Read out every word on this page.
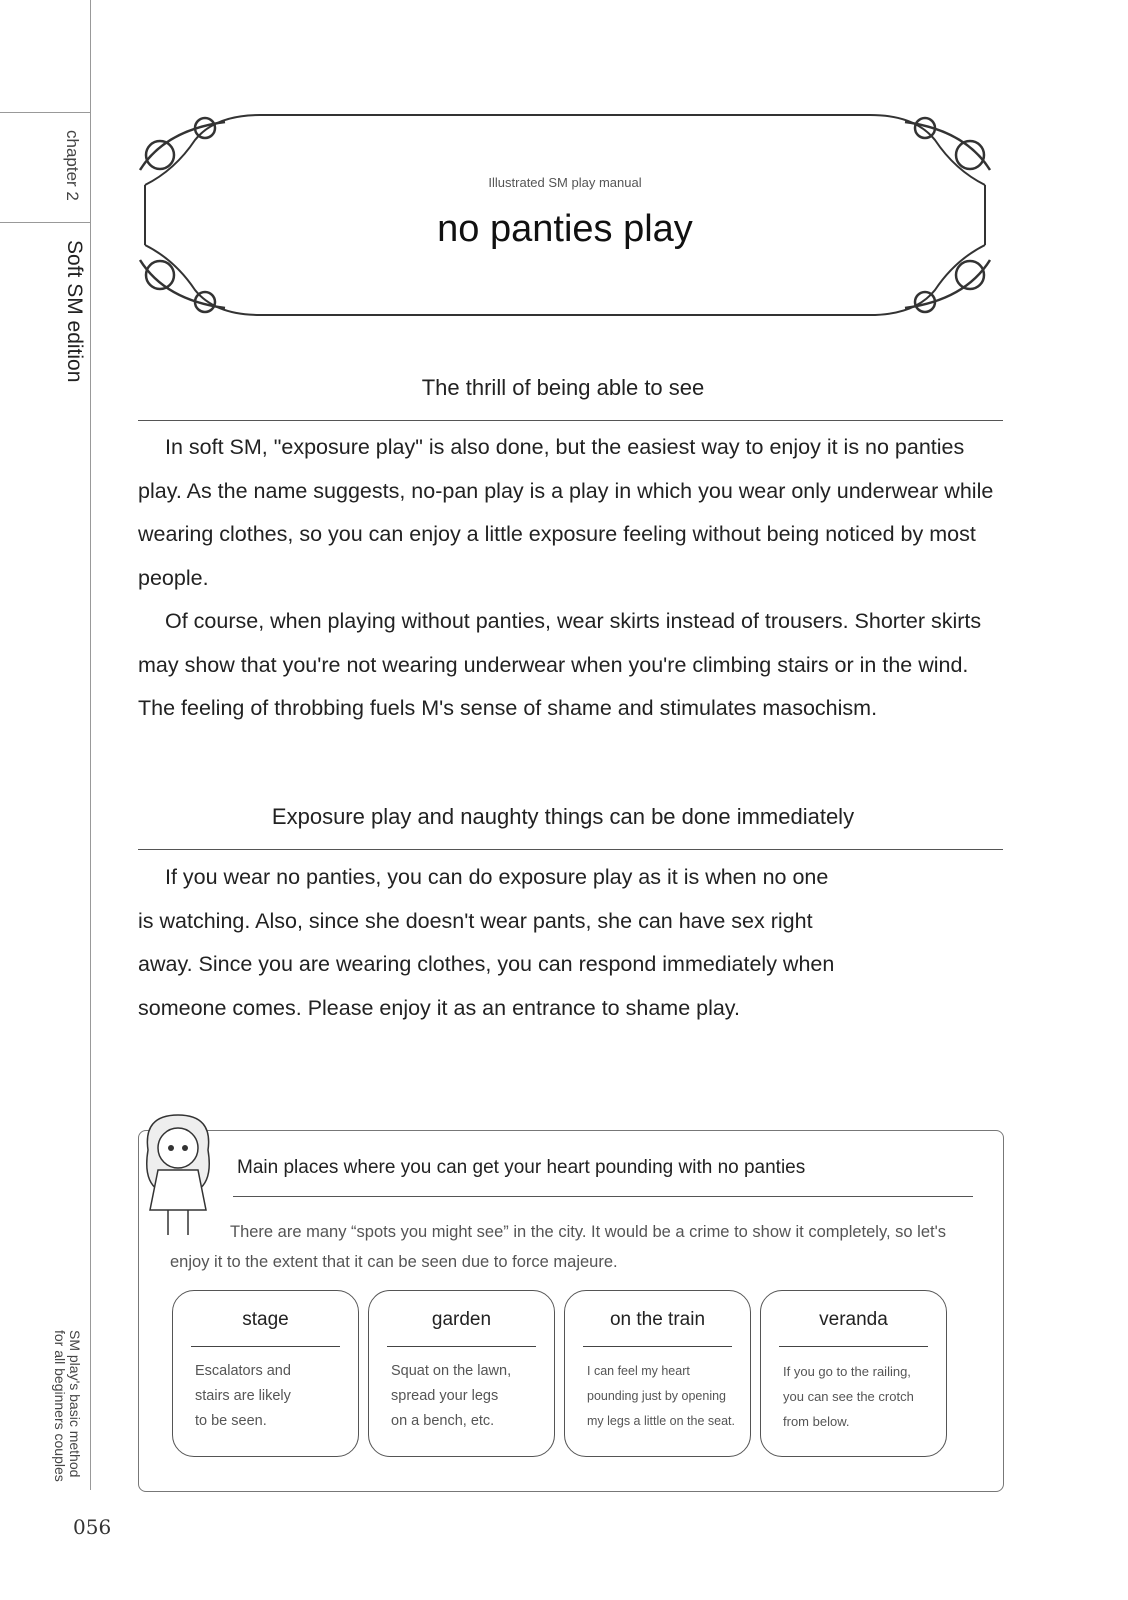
chapter 2
Soft SM edition
SM play's basic method
for all beginners couples
056
Illustrated SM play manual
no panties play
The thrill of being able to see

In soft SM, "exposure play" is also done, but the easiest way to enjoy it is no panties play. As the name suggests, no-pan play is a play in which you wear only underwear while wearing clothes, so you can enjoy a little exposure feeling without being noticed by most people.

Of course, when playing without panties, wear skirts instead of trousers. Shorter skirts may show that you're not wearing underwear when you're climbing stairs or in the wind. The feeling of throbbing fuels M's sense of shame and stimulates masochism.

Exposure play and naughty things can be done immediately

If you wear no panties, you can do exposure play as it is when no one is watching. Also, since she doesn't wear pants, she can have sex right away. Since you are wearing clothes, you can respond immediately when someone comes. Please enjoy it as an entrance to shame play.

Main places where you can get your heart pounding with no panties
There are many “spots you might see” in the city. It would be a crime to show it completely, so let's enjoy it to the extent that it can be seen due to force majeure.
stage
Escalators and stairs are likely to be seen.
garden
Squat on the lawn, spread your legs on a bench, etc.
on the train
I can feel my heart pounding just by opening my legs a little on the seat.
veranda
If you go to the railing, you can see the crotch from below.
